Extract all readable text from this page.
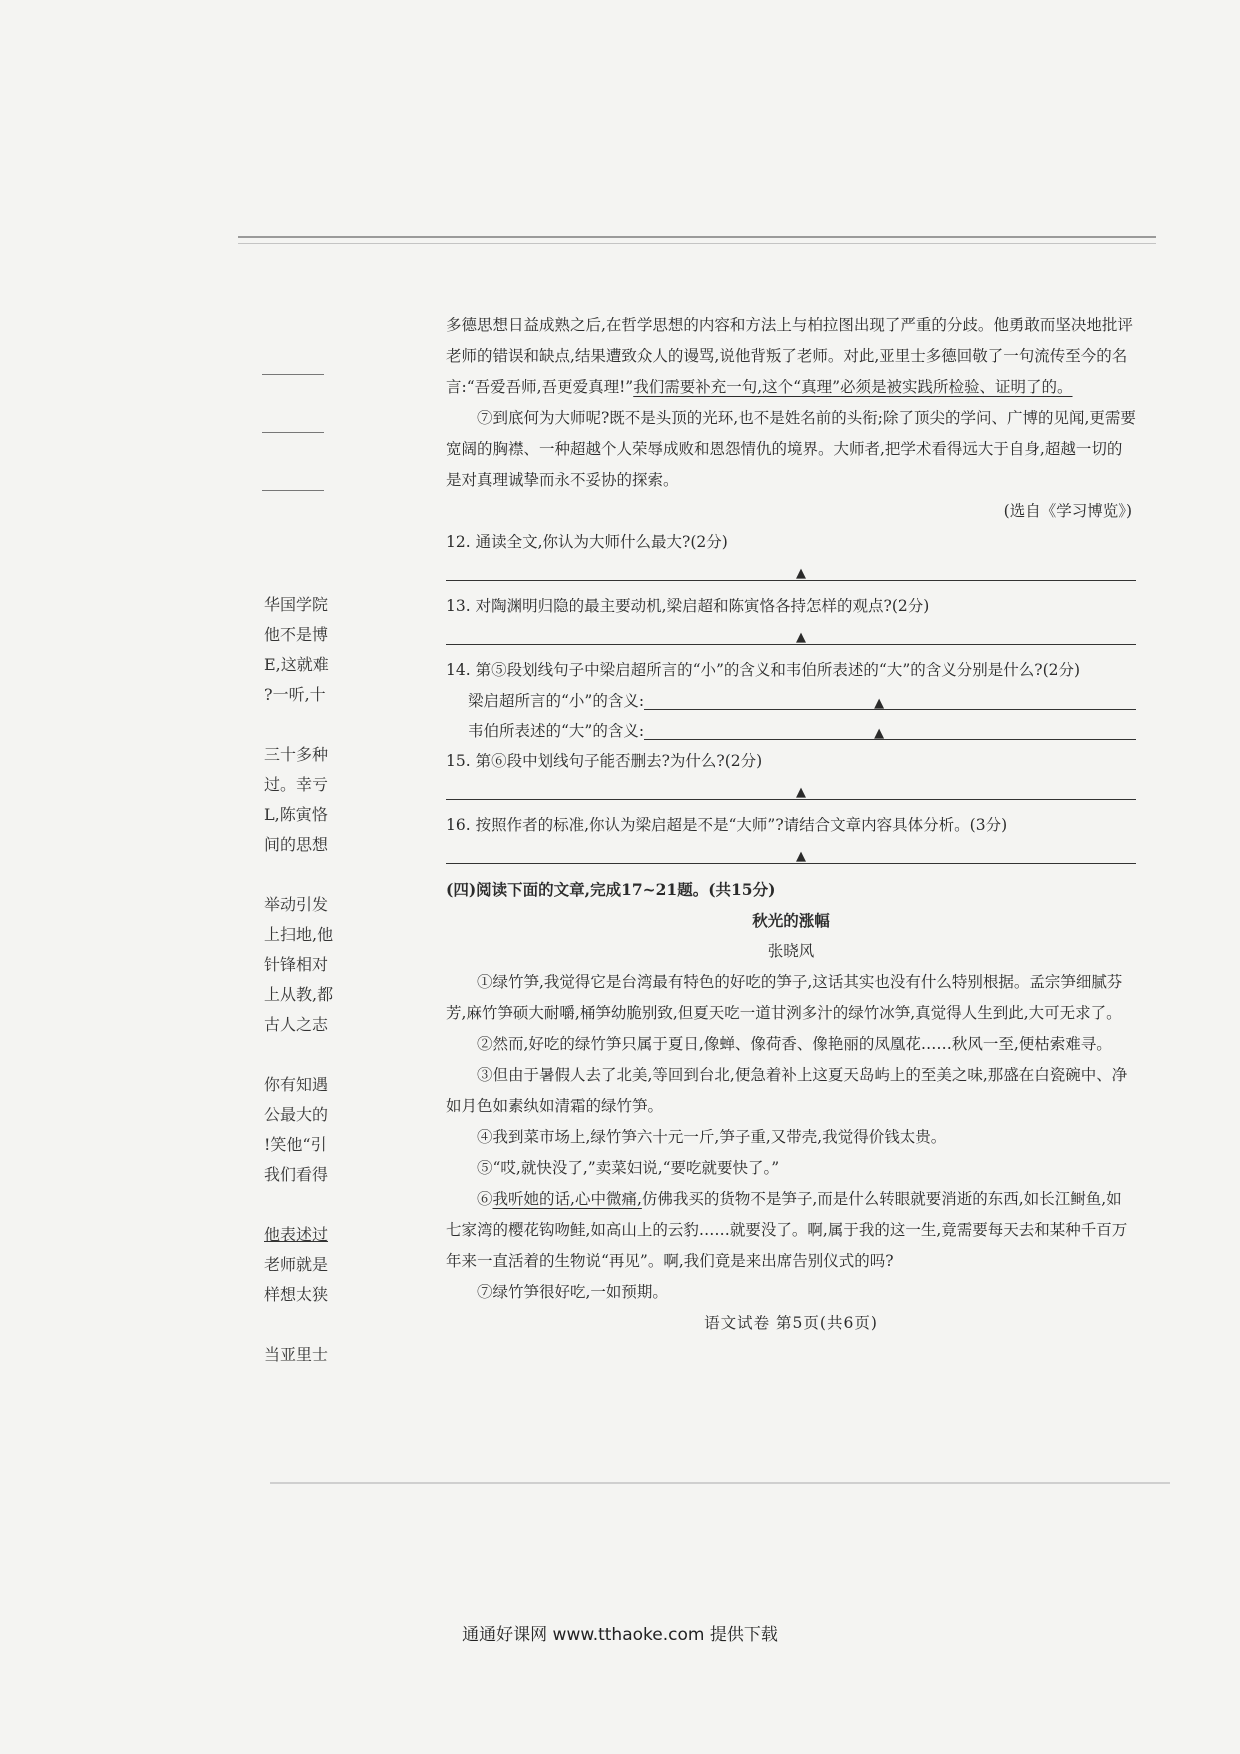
华国学院
他不是博
E,这就难
?一听,十
三十多种
过。幸亏
L,陈寅恪
间的思想
举动引发
上扫地,他
针锋相对
上从教,都
古人之志
你有知遇
公最大的
!笑他“引
我们看得
他表述过
老师就是
样想太狭
当亚里士

多德思想日益成熟之后,在哲学思想的内容和方法上与柏拉图出现了严重的分歧。他勇敢而坚决地批评老师的错误和缺点,结果遭致众人的谩骂,说他背叛了老师。对此,亚里士多德回敬了一句流传至今的名言:“吾爱吾师,吾更爱真理!”我们需要补充一句,这个“真理”必须是被实践所检验、证明了的。

⑦到底何为大师呢?既不是头顶的光环,也不是姓名前的头衔;除了顶尖的学问、广博的见闻,更需要宽阔的胸襟、一种超越个人荣辱成败和恩怨情仇的境界。大师者,把学术看得远大于自身,超越一切的是对真理诚挚而永不妥协的探索。

(选自《学习博览》)

12. 通读全文,你认为大师什么最大?(2分)

▲

13. 对陶渊明归隐的最主要动机,梁启超和陈寅恪各持怎样的观点?(2分)

▲

14. 第⑤段划线句子中梁启超所言的“小”的含义和韦伯所表述的“大”的含义分别是什么?(2分)

梁启超所言的“小”的含义:	▲
韦伯所表述的“大”的含义:	▲

15. 第⑥段中划线句子能否删去?为什么?(2分)

▲

16. 按照作者的标准,你认为梁启超是不是“大师”?请结合文章内容具体分析。(3分)

▲

(四)阅读下面的文章,完成17~21题。(共15分)

秋光的涨幅

张晓风

①绿竹笋,我觉得它是台湾最有特色的好吃的笋子,这话其实也没有什么特别根据。孟宗笋细腻芬芳,麻竹笋硕大耐嚼,桶笋幼脆别致,但夏天吃一道甘洌多汁的绿竹冰笋,真觉得人生到此,大可无求了。

②然而,好吃的绿竹笋只属于夏日,像蝉、像荷香、像艳丽的凤凰花……秋风一至,便枯索难寻。

③但由于暑假人去了北美,等回到台北,便急着补上这夏天岛屿上的至美之味,那盛在白瓷碗中、净如月色如素纨如清霜的绿竹笋。

④我到菜市场上,绿竹笋六十元一斤,笋子重,又带壳,我觉得价钱太贵。

⑤“哎,就快没了,”卖菜妇说,“要吃就要快了。”

⑥我听她的话,心中微痛,仿佛我买的货物不是笋子,而是什么转眼就要消逝的东西,如长江鲥鱼,如七家湾的樱花钩吻鲑,如高山上的云豹……就要没了。啊,属于我的这一生,竟需要每天去和某种千百万年来一直活着的生物说“再见”。啊,我们竟是来出席告别仪式的吗?

⑦绿竹笋很好吃,一如预期。

语文试卷 第5页(共6页)

通通好课网 www.tthaoke.com 提供下载
